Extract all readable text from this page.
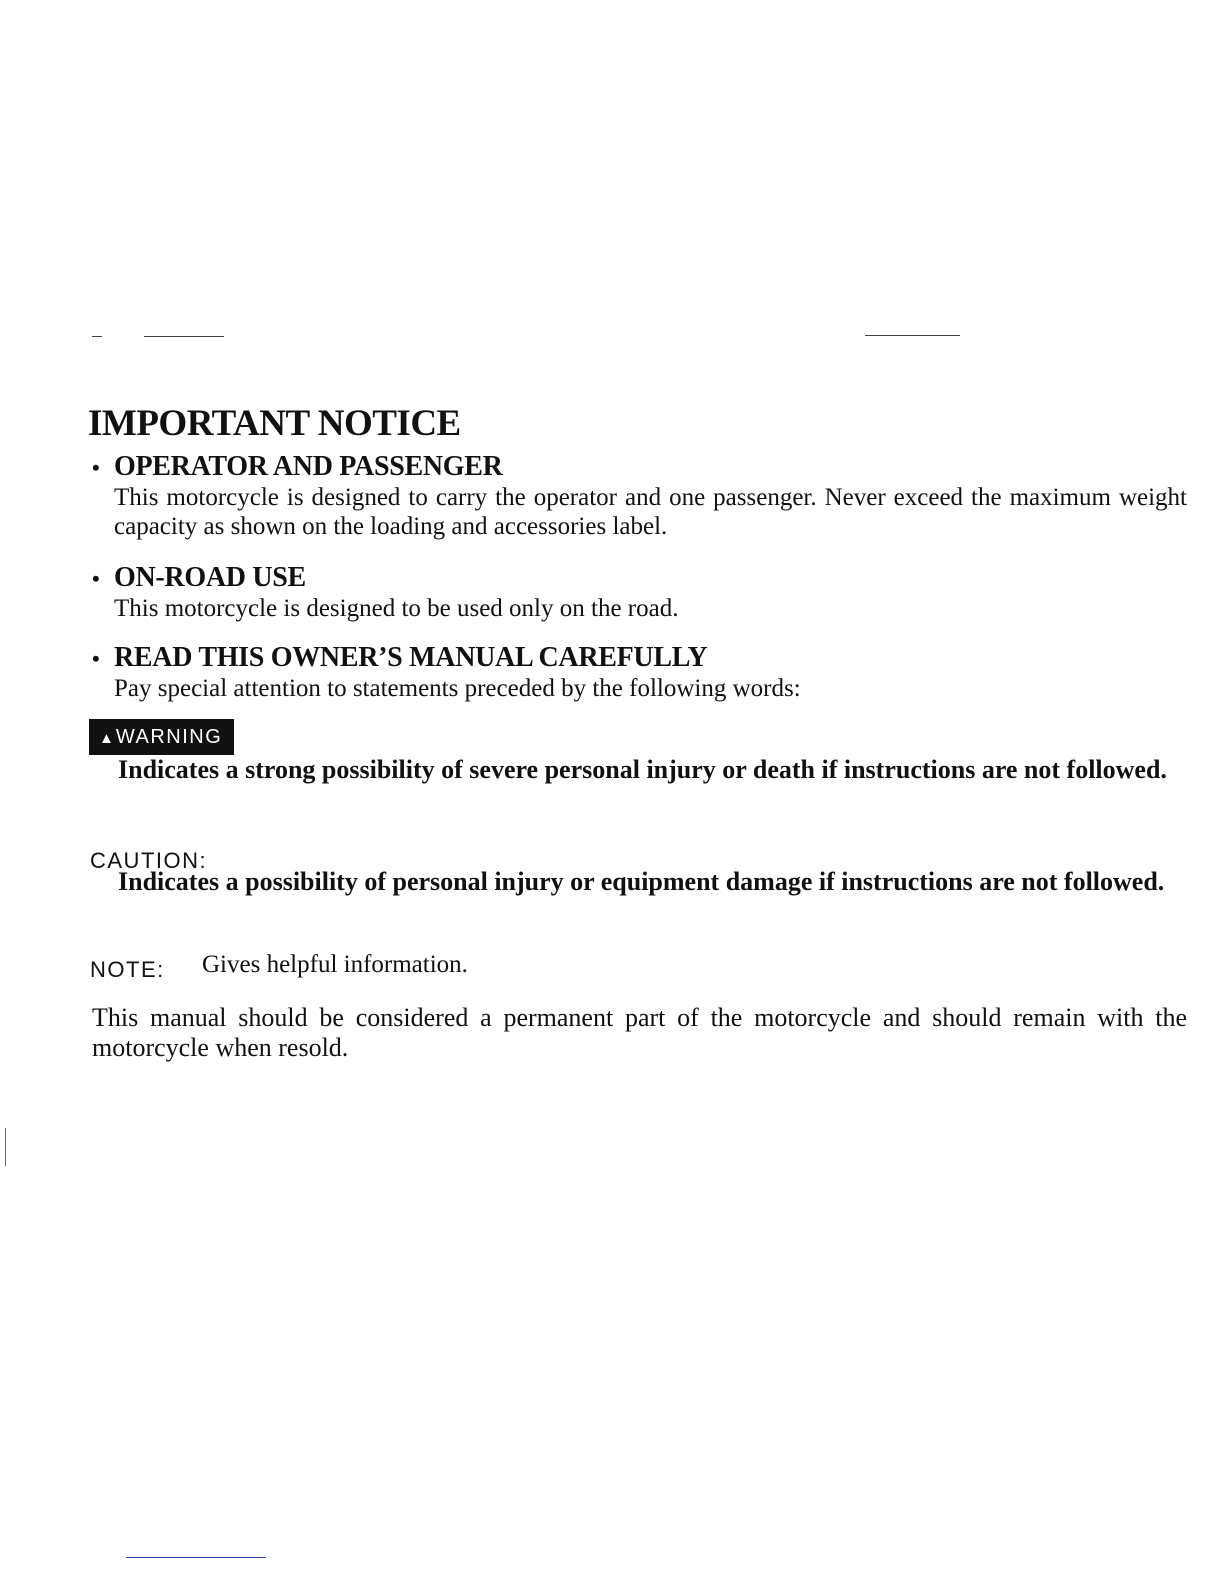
IMPORTANT NOTICE
• OPERATOR AND PASSENGER
This motorcycle is designed to carry the operator and one passenger. Never exceed the maximum weight capacity as shown on the loading and accessories label.
• ON-ROAD USE
This motorcycle is designed to be used only on the road.
• READ THIS OWNER’S MANUAL CAREFULLY
Pay special attention to statements preceded by the following words:
▲ WARNING
Indicates a strong possibility of severe personal injury or death if instructions are not followed.
CAUTION:
Indicates a possibility of personal injury or equipment damage if instructions are not followed.
NOTE: Gives helpful information.
This manual should be considered a permanent part of the motorcycle and should remain with the motorcycle when resold.
